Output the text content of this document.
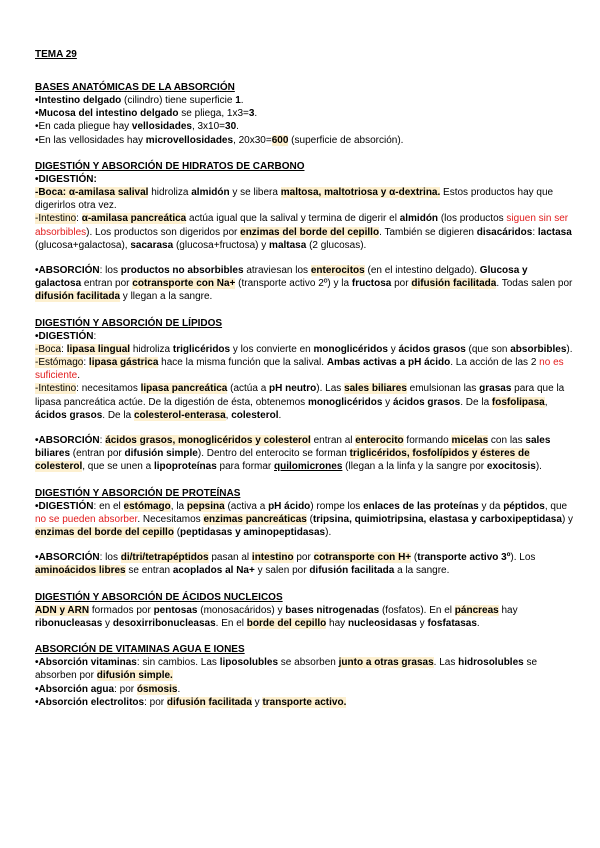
TEMA 29
BASES ANATÓMICAS DE LA ABSORCIÓN

•Intestino delgado (cilindro) tiene superficie 1.

•Mucosa del intestino delgado se pliega, 1x3=3.

•En cada pliegue hay vellosidades, 3x10=30.

•En las vellosidades hay microvellosidades, 20x30=600 (superficie de absorción).

DIGESTIÓN Y ABSORCIÓN DE HIDRATOS DE CARBONO

•DIGESTIÓN:

-Boca: α-amilasa salival hidroliza almidón y se libera maltosa, maltotriosa y α-dextrina. Estos productos hay que digerirlos otra vez.

-Intestino: α-amilasa pancreática actúa igual que la salival y termina de digerir el almidón (los productos siguen sin ser absorbibles). Los productos son digeridos por enzimas del borde del cepillo. También se digieren disacáridos: lactasa (glucosa+galactosa), sacarasa (glucosa+fructosa) y maltasa (2 glucosas).

•ABSORCIÓN: los productos no absorbibles atraviesan los enterocitos (en el intestino delgado). Glucosa y galactosa entran por cotransporte con Na+ (transporte activo 2º) y la fructosa por difusión facilitada. Todas salen por difusión facilitada y llegan a la sangre.

DIGESTIÓN Y ABSORCIÓN DE LÍPIDOS

•DIGESTIÓN:

-Boca: lipasa lingual hidroliza triglicéridos y los convierte en monoglicéridos y ácidos grasos (que son absorbibles).

-Estómago: lipasa gástrica hace la misma función que la salival. Ambas activas a pH ácido. La acción de las 2 no es suficiente.

-Intestino: necesitamos lipasa pancreática (actúa a pH neutro). Las sales biliares emulsionan las grasas para que la lipasa pancreática actúe. De la digestión de ésta, obtenemos monoglicéridos y ácidos grasos. De la fosfolipasa, ácidos grasos. De la colesterol-enterasa, colesterol.

•ABSORCIÓN: ácidos grasos, monoglicéridos y colesterol entran al enterocito formando micelas con las sales biliares (entran por difusión simple). Dentro del enterocito se forman triglicéridos, fosfolípidos y ésteres de colesterol, que se unen a lipoproteínas para formar quilomicrones (llegan a la linfa y la sangre por exocitosis).

DIGESTIÓN Y ABSORCIÓN DE PROTEÍNAS

•DIGESTIÓN: en el estómago, la pepsina (activa a pH ácido) rompe los enlaces de las proteínas y da péptidos, que no se pueden absorber. Necesitamos enzimas pancreáticas (tripsina, quimiotripsina, elastasa y carboxipeptidasa) y enzimas del borde del cepillo (peptidasas y aminopeptidasas).

•ABSORCIÓN: los di/tri/tetrapéptidos pasan al intestino por cotransporte con H+ (transporte activo 3º). Los aminoácidos libres se entran acoplados al Na+ y salen por difusión facilitada a la sangre.

DIGESTIÓN Y ABSORCIÓN DE ÁCIDOS NUCLEICOS

ADN y ARN formados por pentosas (monosacáridos) y bases nitrogenadas (fosfatos). En el páncreas hay ribonucleasas y desoxirribonucleasas. En el borde del cepillo hay nucleosidasas y fosfatasas.

ABSORCIÓN DE VITAMINAS AGUA E IONES

•Absorción vitaminas: sin cambios. Las liposolubles se absorben junto a otras grasas. Las hidrosolubles se absorben por difusión simple.

•Absorción agua: por ósmosis.

•Absorción electrolitos: por difusión facilitada y transporte activo.
